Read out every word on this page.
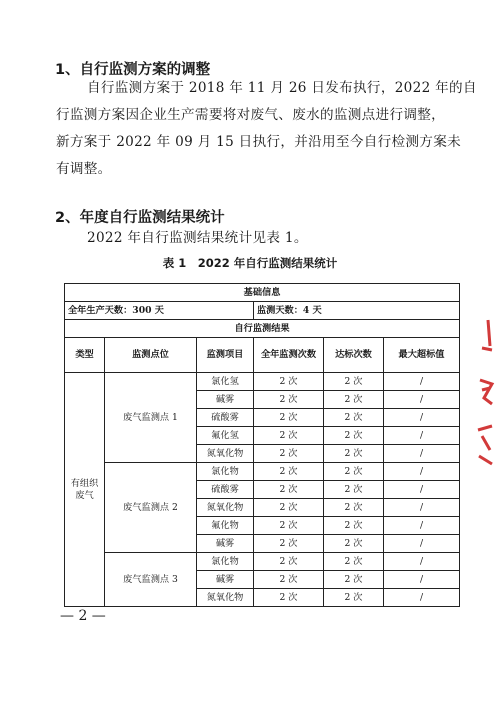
1、自行监测方案的调整
自行监测方案于 2018 年 11 月 26 日发布执行，2022 年的自
行监测方案因企业生产需要将对废气、废水的监测点进行调整，
新方案于 2022 年 09 月 15 日执行，并沿用至今自行检测方案未
有调整。
2、年度自行监测结果统计
2022 年自行监测结果统计见表 1。
表 1　2022 年自行监测结果统计
基础信息					
全年生产天数：300 天			监测天数：4 天		
自行监测结果					
类型	监测点位	监测项目	全年监测次数	达标次数	最大超标值
有组织废气	废气监测点 1	氯化氢	2 次	2 次	/
		碱雾	2 次	2 次	/
		硫酸雾	2 次	2 次	/
		氟化氢	2 次	2 次	/
		氮氧化物	2 次	2 次	/
	废气监测点 2	氯化物	2 次	2 次	/
		硫酸雾	2 次	2 次	/
		氮氧化物	2 次	2 次	/
		氟化物	2 次	2 次	/
		碱雾	2 次	2 次	/
	废气监测点 3	氯化物	2 次	2 次	/
		碱雾	2 次	2 次	/
		氮氧化物	2 次	2 次	/
— 2 —
